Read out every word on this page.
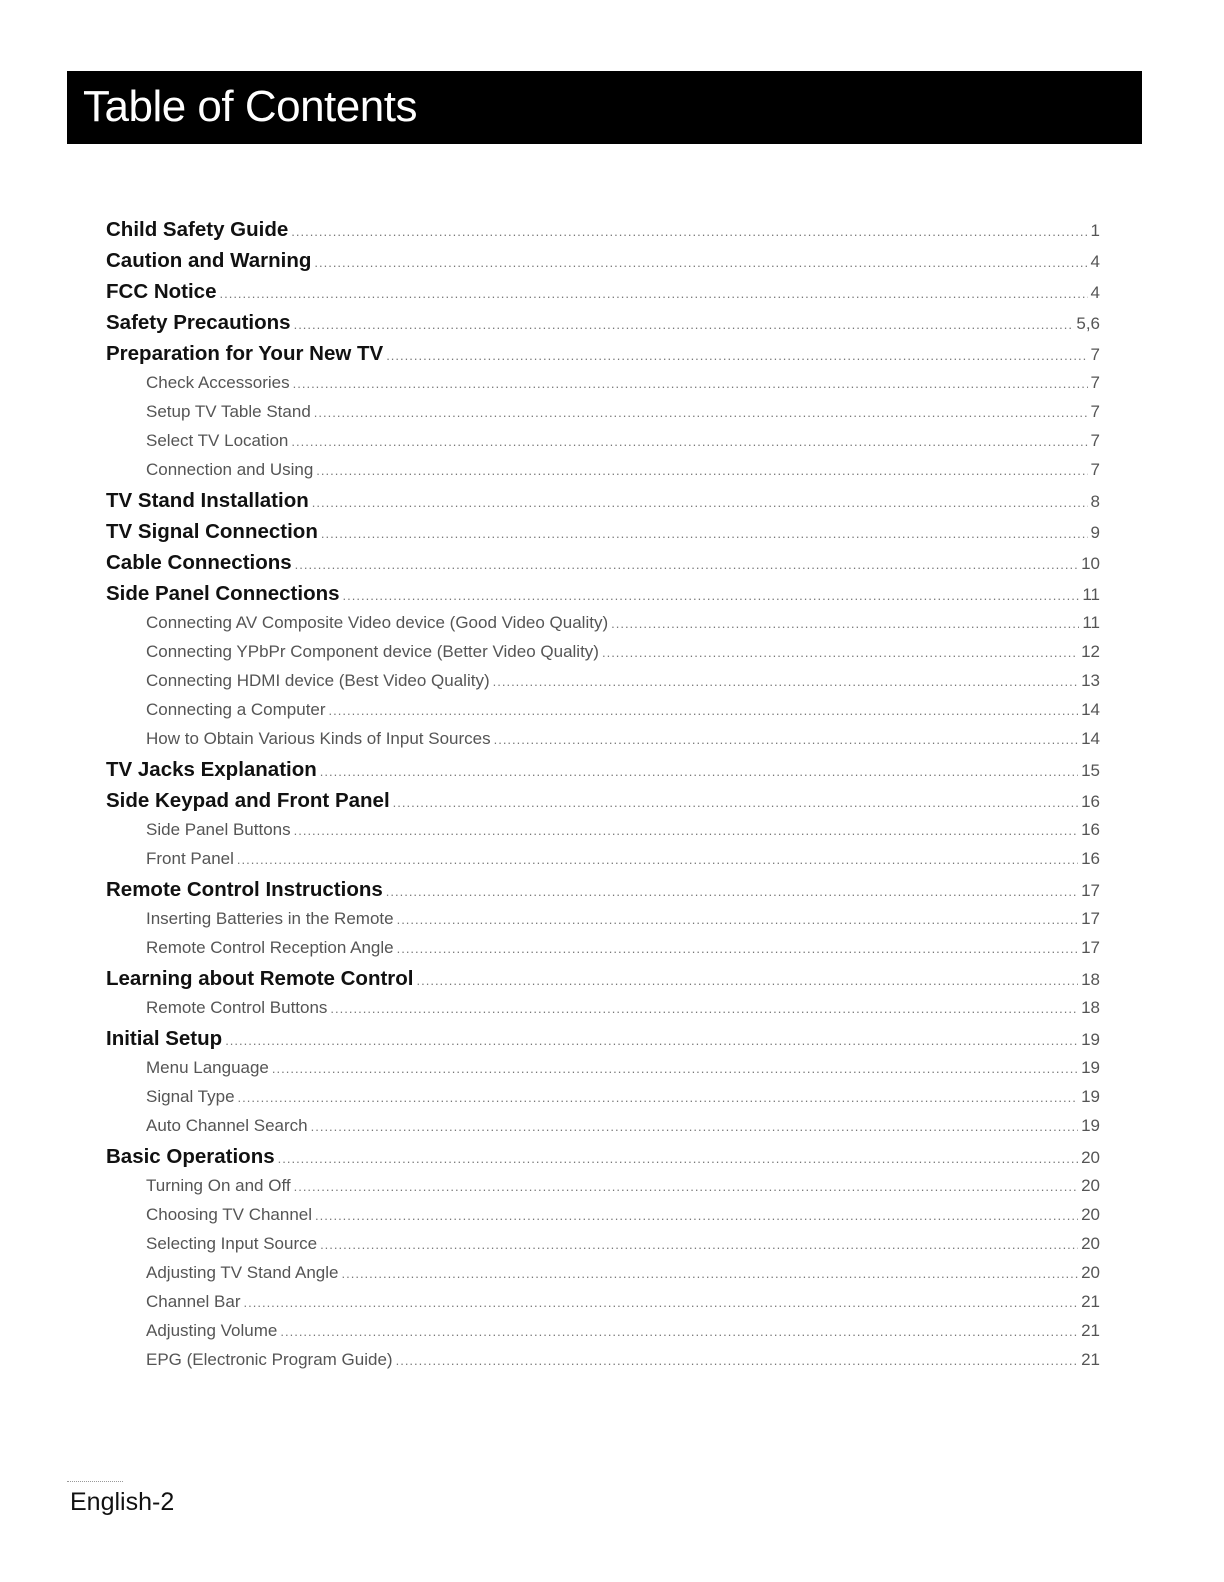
Table of Contents
Child Safety Guide .....	1
Caution and Warning .....	4
FCC Notice .....	4
Safety Precautions .....	5,6
Preparation for Your New TV .....	7
Check Accessories .....	7
Setup TV Table Stand .....	7
Select TV Location .....	7
Connection and Using .....	7
TV Stand Installation .....	8
TV Signal Connection .....	9
Cable Connections .....	10
Side Panel Connections .....	11
Connecting AV Composite Video device (Good Video Quality) .....	11
Connecting YPbPr Component device (Better Video Quality) .....	12
Connecting HDMI device (Best Video Quality) .....	13
Connecting a Computer .....	14
How to Obtain Various Kinds of Input Sources .....	14
TV Jacks Explanation .....	15
Side Keypad and Front Panel .....	16
Side Panel Buttons .....	16
Front Panel .....	16
Remote Control Instructions .....	17
Inserting Batteries in the Remote .....	17
Remote Control Reception Angle .....	17
Learning about Remote Control .....	18
Remote Control Buttons .....	18
Initial Setup .....	19
Menu Language .....	19
Signal Type .....	19
Auto Channel Search .....	19
Basic Operations .....	20
Turning On and Off .....	20
Choosing TV Channel .....	20
Selecting Input Source .....	20
Adjusting TV Stand Angle .....	20
Channel Bar .....	21
Adjusting Volume .....	21
EPG (Electronic Program Guide) .....	21
English-2
